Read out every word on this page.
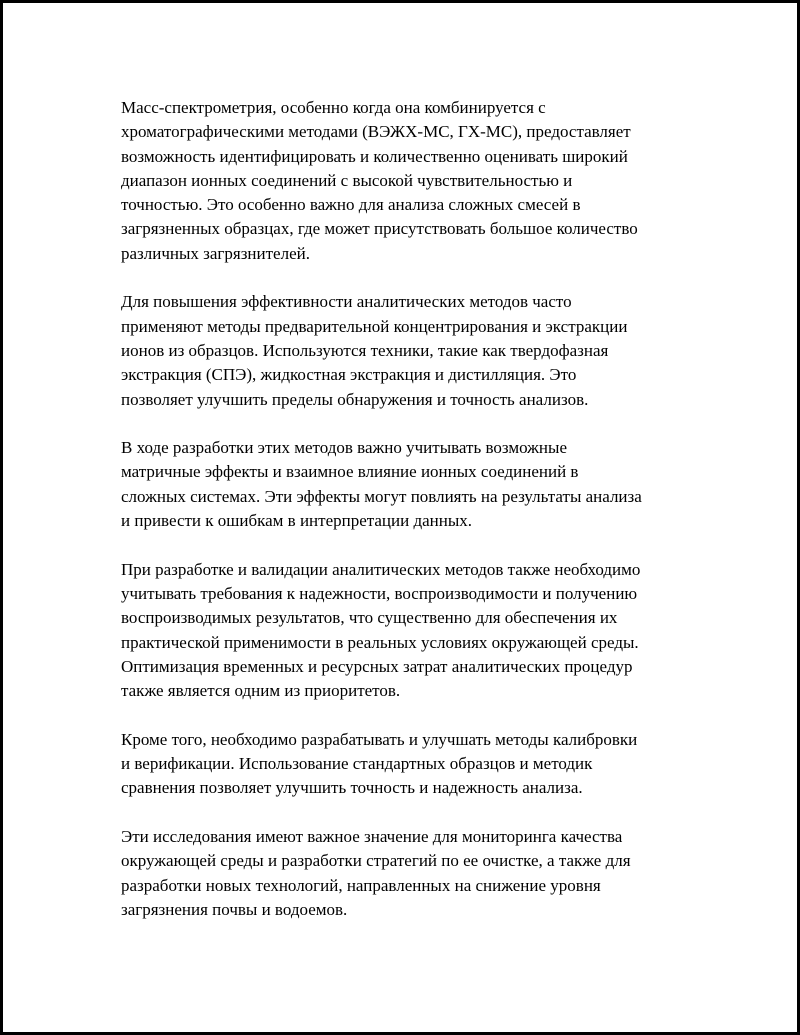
Масс-спектрометрия, особенно когда она комбинируется с
хроматографическими методами (ВЭЖХ-МС, ГХ-МС), предоставляет
возможность идентифицировать и количественно оценивать широкий
диапазон ионных соединений с высокой чувствительностью и
точностью. Это особенно важно для анализа сложных смесей в
загрязненных образцах, где может присутствовать большое количество
различных загрязнителей.

Для повышения эффективности аналитических методов часто
применяют методы предварительной концентрирования и экстракции
ионов из образцов. Используются техники, такие как твердофазная
экстракция (СПЭ), жидкостная экстракция и дистилляция. Это
позволяет улучшить пределы обнаружения и точность анализов.

В ходе разработки этих методов важно учитывать возможные
матричные эффекты и взаимное влияние ионных соединений в
сложных системах. Эти эффекты могут повлиять на результаты анализа
и привести к ошибкам в интерпретации данных.

При разработке и валидации аналитических методов также необходимо
учитывать требования к надежности, воспроизводимости и получению
воспроизводимых результатов, что существенно для обеспечения их
практической применимости в реальных условиях окружающей среды.
Оптимизация временных и ресурсных затрат аналитических процедур
также является одним из приоритетов.

Кроме того, необходимо разрабатывать и улучшать методы калибровки
и верификации. Использование стандартных образцов и методик
сравнения позволяет улучшить точность и надежность анализа.

Эти исследования имеют важное значение для мониторинга качества
окружающей среды и разработки стратегий по ее очистке, а также для
разработки новых технологий, направленных на снижение уровня
загрязнения почвы и водоемов.
